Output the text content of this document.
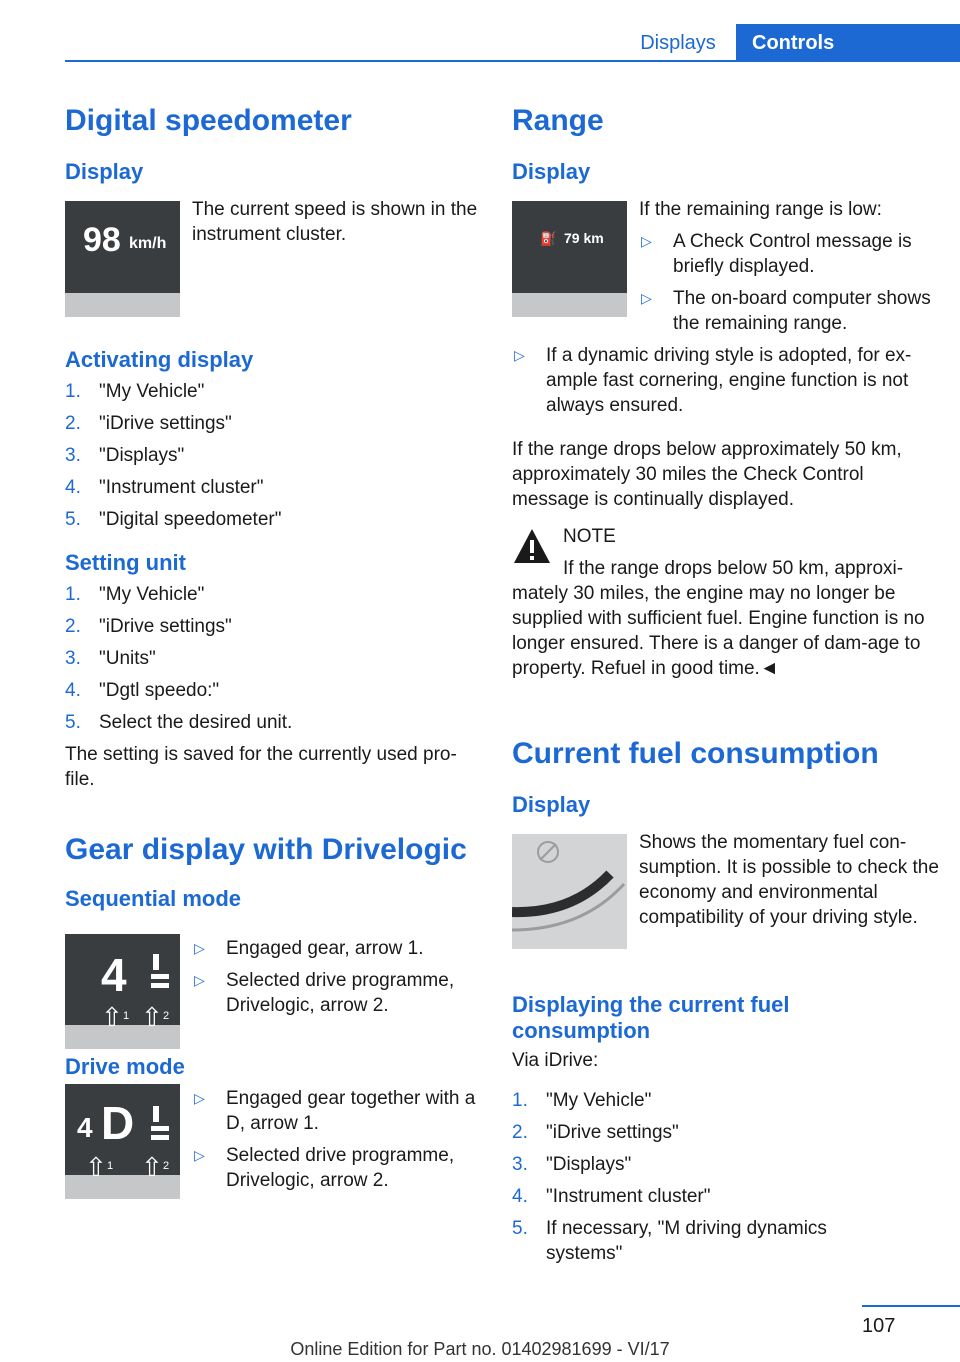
Displays	Controls
Digital speedometer
Display
98 km/h

The current speed is shown in the instrument cluster.

Activating display
1. "My Vehicle"
2. "iDrive settings"
3. "Displays"
4. "Instrument cluster"
5. "Digital speedometer"
Setting unit
1. "My Vehicle"
2. "iDrive settings"
3. "Units"
4. "Dgtl speedo:"
5. Select the desired unit.

The setting is saved for the currently used pro-file.

Gear display with Drivelogic
Sequential mode
4
⇧ 1 ⇧ 2
▷ Engaged gear, arrow 1.
▷ Selected drive programme, Drivelogic, arrow 2.
Drive mode
4 D
⇧ 1 ⇧ 2
▷ Engaged gear together with a D, arrow 1.
▷ Selected drive programme, Drivelogic, arrow 2.
Range
Display
⛽ 79 km

If the remaining range is low:

▷ A Check Control message is briefly displayed.
▷ The on-board computer shows the remaining range.
▷ If a dynamic driving style is adopted, for ex-ample fast cornering, engine function is not always ensured.

If the range drops below approximately 50 km, approximately 30 miles the Check Control message is continually displayed.

NOTE
If the range drops below 50 km, approxi-mately 30 miles, the engine may no longer be supplied with sufficient fuel. Engine function is no longer ensured. There is a danger of dam-age to property. Refuel in good time.◄
Current fuel consumption
Display

Shows the momentary fuel con-sumption. It is possible to check the economy and environmental compatibility of your driving style.

Displaying the current fuel consumption

Via iDrive:

1. "My Vehicle"
2. "iDrive settings"
3. "Displays"
4. "Instrument cluster"
5. If necessary, "M driving dynamics systems"
107
Online Edition for Part no. 01402981699 - VI/17
